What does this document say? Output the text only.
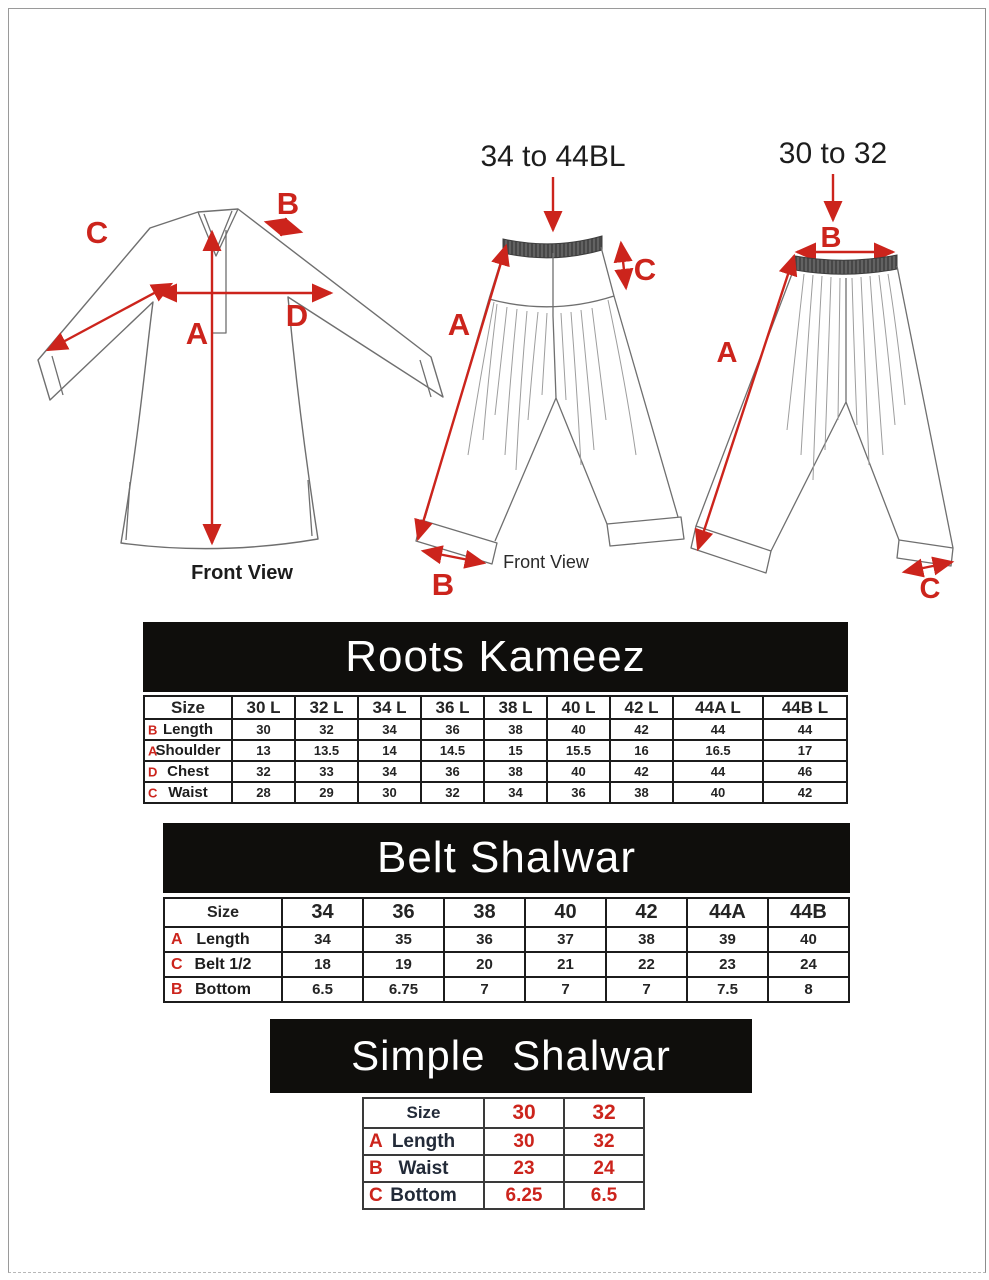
A
B
C
D
Front View
34 to 44BL
A
C
B
Front View
30 to 32
B
A
C
Roots Kameez
Size	30 L	32 L	34 L	36 L	38 L	40 L	42 L	44A L	44B L

B Length	30	32	34	36	38	40	42	44	44

A
Shoulder	13	13.5	14	14.5	15	15.5	16	16.5	17

D Chest	32	33	34	36	38	40	42	44	46

C Waist	28	29	30	32	34	36	38	40	42
Belt Shalwar
Size	34	36	38	40	42	44A	44B

A Length	34	35	36	37	38	39	40

C Belt 1/2	18	19	20	21	22	23	24

B Bottom	6.5	6.75	7	7	7	7.5	8
Simple Shalwar
Size	30	32

A Length	30	32

B Waist	23	24

C Bottom	6.25	6.5
